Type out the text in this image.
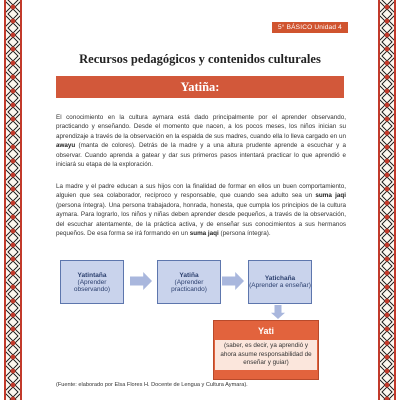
5° BÁSICO Unidad 4
Recursos pedagógicos y contenidos culturales
Yatiña:

El conocimiento en la cultura aymara está dado principalmente por el aprender observando, practicando y enseñando. Desde el momento que nacen, a los pocos meses, los niños inician su aprendizaje a través de la observación en la espalda de sus madres, cuando ella lo lleva cargado en un awayu (manta de colores). Detrás de la madre y a una altura prudente aprende a escuchar y a observar. Cuando aprenda a gatear y dar sus primeros pasos intentará practicar lo que aprendió e iniciará su etapa de la exploración.

La madre y el padre educan a sus hijos con la finalidad de formar en ellos un buen comportamiento, alguien que sea colaborador, recíproco y responsable, que cuando sea adulto sea un suma jaqi (persona íntegra). Una persona trabajadora, honrada, honesta, que cumpla los principios de la cultura aymara. Para lograrlo, los niños y niñas deben aprender desde pequeños, a través de la observación, del escuchar atentamente, de la práctica activa, y de enseñar sus conocimientos a sus hermanos pequeños. De esa forma se irá formando en un suma jaqi (persona íntegra).

Yatintaña
(Aprender observando)
Yatiña
(Aprender practicando)
Yatichaña
(Aprender a enseñar)
Yati
(saber, es decir, ya aprendió y ahora asume responsabilidad de enseñar y guiar)
(Fuente: elaborado por Elsa Flores H. Docente de Lengua y Cultura Aymara).
